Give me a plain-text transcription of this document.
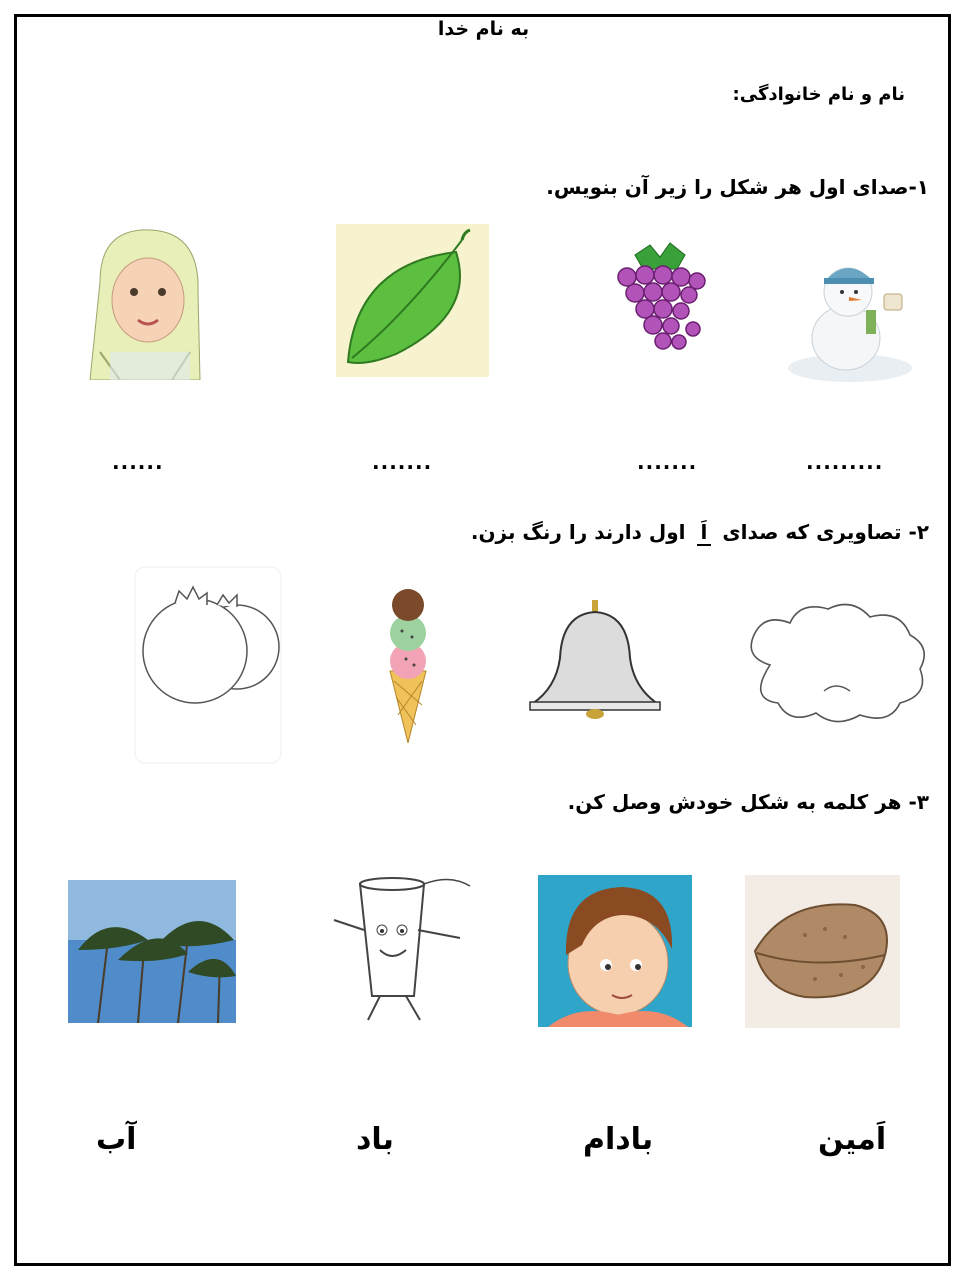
به نام خدا
نام و نام خانوادگی:
۱-صدای اول هر شکل را زیر آن بنویس.
.........
.......
.......
......
۲- تصاویری که صدای اَ اول دارند را رنگ بزن.
۳- هر کلمه به شکل خودش وصل کن.
اَمین
بادام
باد
آب
